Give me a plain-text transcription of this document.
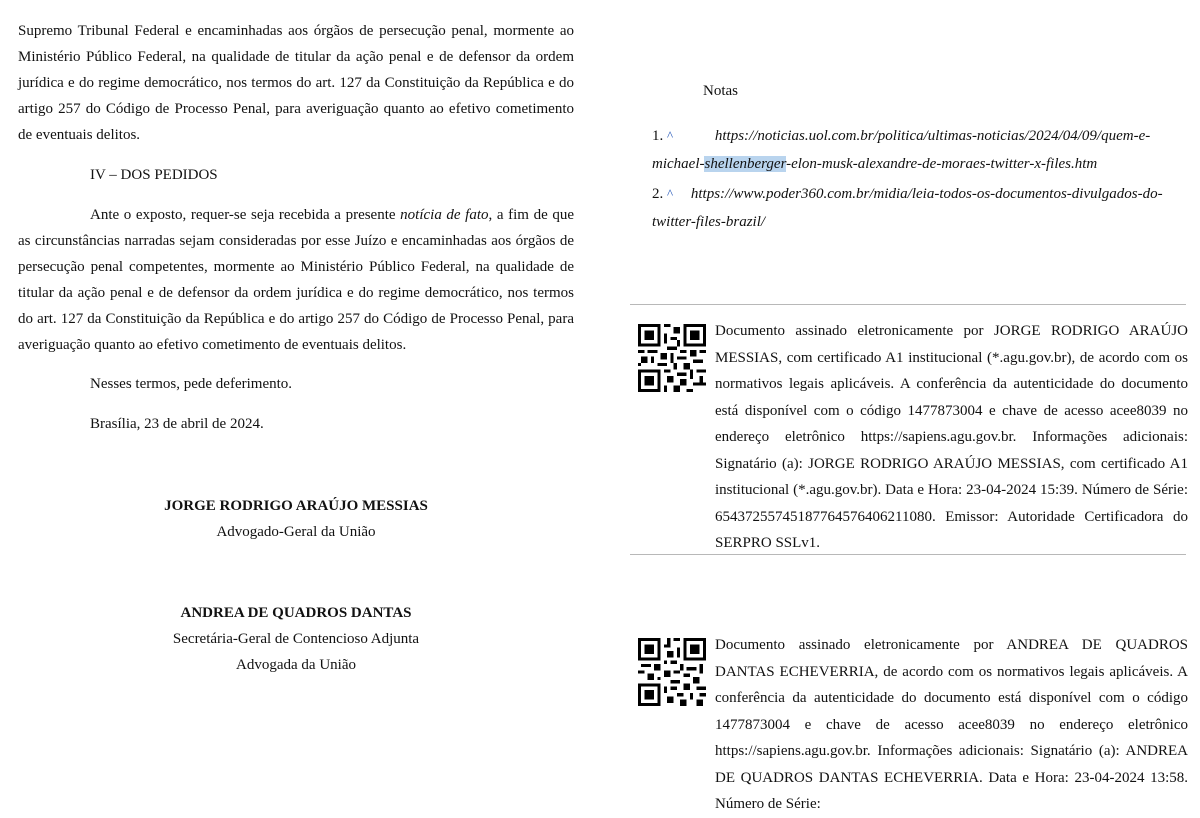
Supremo Tribunal Federal e encaminhadas aos órgãos de persecução penal, mormente ao Ministério Público Federal, na qualidade de titular da ação penal e de defensor da ordem jurídica e do regime democrático, nos termos do art. 127 da Constituição da República e do artigo 257 do Código de Processo Penal, para averiguação quanto ao efetivo cometimento de eventuais delitos.

IV – DOS PEDIDOS

Ante o exposto, requer-se seja recebida a presente notícia de fato, a fim de que as circunstâncias narradas sejam consideradas por esse Juízo e encaminhadas aos órgãos de persecução penal competentes, mormente ao Ministério Público Federal, na qualidade de titular da ação penal e de defensor da ordem jurídica e do regime democrático, nos termos do art. 127 da Constituição da República e do artigo 257 do Código de Processo Penal, para averiguação quanto ao efetivo cometimento de eventuais delitos.

Nesses termos, pede deferimento.
Brasília, 23 de abril de 2024.
JORGE RODRIGO ARAÚJO MESSIAS
Advogado-Geral da União
ANDREA DE QUADROS DANTAS
Secretária-Geral de Contencioso Adjunta
Advogada da União
Notas
1. ^	https://noticias.uol.com.br/politica/ultimas-noticias/2024/04/09/quem-e-michael-shellenberger-elon-musk-alexandre-de-moraes-twitter-x-files.htm
2. ^ https://www.poder360.com.br/midia/leia-todos-os-documentos-divulgados-do-twitter-files-brazil/
Documento assinado eletronicamente por JORGE RODRIGO ARAÚJO MESSIAS, com certificado A1 institucional (*.agu.gov.br), de acordo com os normativos legais aplicáveis. A conferência da autenticidade do documento está disponível com o código 1477873004 e chave de acesso acee8039 no endereço eletrônico https://sapiens.agu.gov.br. Informações adicionais: Signatário (a): JORGE RODRIGO ARAÚJO MESSIAS, com certificado A1 institucional (*.agu.gov.br). Data e Hora: 23-04-2024 15:39. Número de Série: 65437255745187764576406211080. Emissor: Autoridade Certificadora do SERPRO SSLv1.
Documento assinado eletronicamente por ANDREA DE QUADROS DANTAS ECHEVERRIA, de acordo com os normativos legais aplicáveis. A conferência da autenticidade do documento está disponível com o código 1477873004 e chave de acesso acee8039 no endereço eletrônico https://sapiens.agu.gov.br. Informações adicionais: Signatário (a): ANDREA DE QUADROS DANTAS ECHEVERRIA. Data e Hora: 23-04-2024 13:58. Número de Série:
